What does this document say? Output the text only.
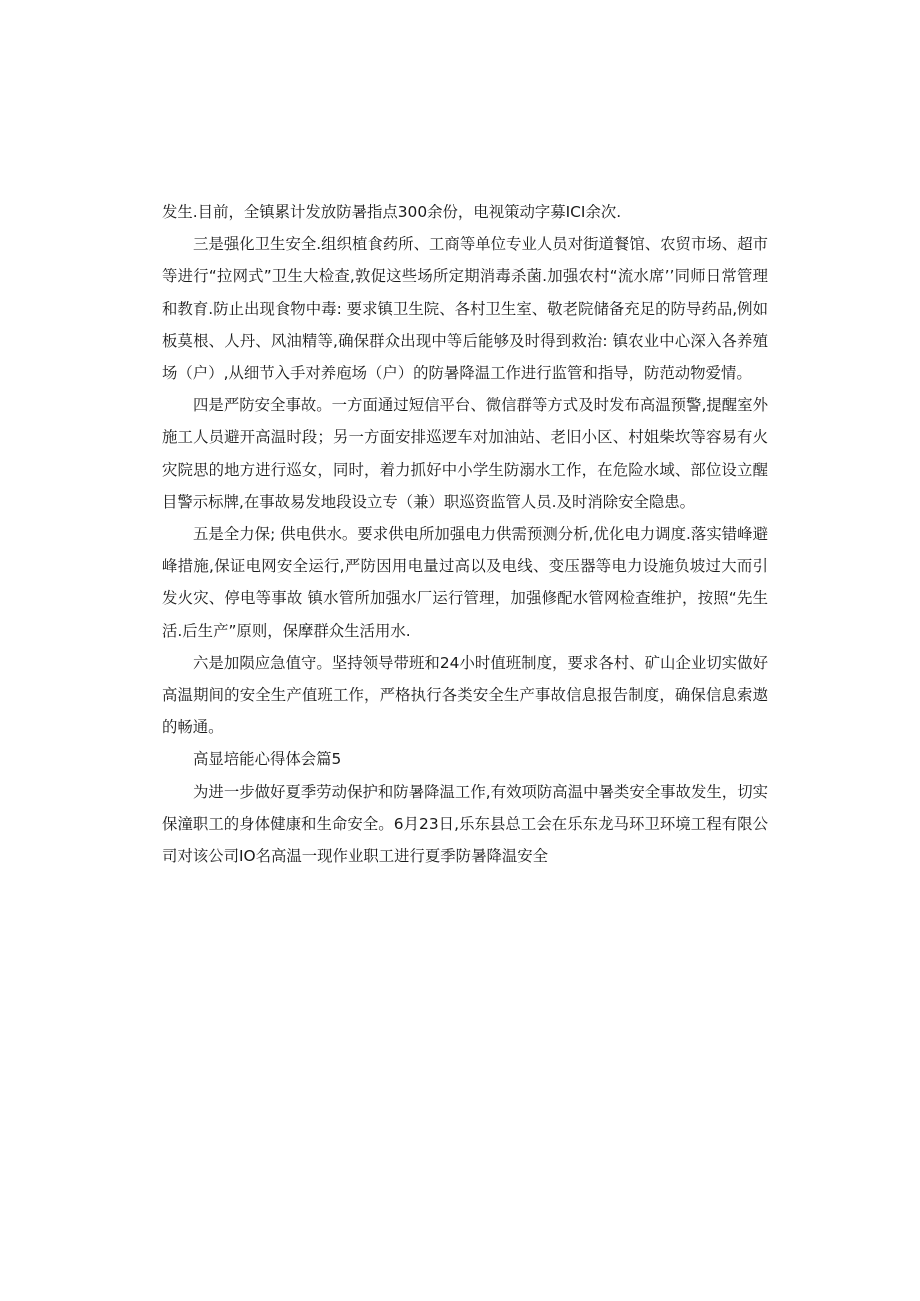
发生.目前，全镇累计发放防暑指点300余份，电视策动字募ICI余次.

三是强化卫生安全.组织植食药所、工商等单位专业人员对街道餐馆、农贸市场、超市等进行“拉网式”卫生大检查,敦促这些场所定期消毒杀菌.加强农村“流水席’’同师日常管理和教育.防止出现食物中毒: 要求镇卫生院、各村卫生室、敬老院储备充足的防导药品,例如板莫根、人丹、风油精等,确保群众出现中等后能够及时得到救治: 镇农业中心深入各养殖场（户）,从细节入手对养庖场（户）的防暑降温工作进行监管和指导，防范动物爱情。

四是严防安全事故。一方面通过短信平台、微信群等方式及时发布高温预警,提醒室外施工人员避开高温时段；另一方面安排巡逻车对加油站、老旧小区、村姐柴坎等容易有火灾院思的地方进行巡女，同时，着力抓好中小学生防溺水工作，在危险水域、部位设立醒目警示标牌,在事故易发地段设立专（兼）职巡资监管人员.及时消除安全隐患。

五是全力保; 供电供水。要求供电所加强电力供需预测分析,优化电力调度.落实错峰避峰措施,保证电网安全运行,严防因用电量过高以及电线、变压器等电力设施负坡过大而引发火灾、停电等事故 镇水管所加强水厂运行管理，加强修配水管网检查维护，按照“先生活.后生产”原则，保摩群众生活用水.

六是加陨应急值守。坚持领导带班和24小时值班制度，要求各村、矿山企业切实做好高温期间的安全生产值班工作，严格执行各类安全生产事故信息报告制度，确保信息索遨的畅通。

高显培能心得体会篇5

为进一步做好夏季劳动保护和防暑降温工作,有效项防高温中暑类安全事故发生，切实保潼职工的身体健康和生命安全。6月23日,乐东县总工会在乐东龙马环卫环境工程有限公司对该公司IO名高温一现作业职工进行夏季防暑降温安全
